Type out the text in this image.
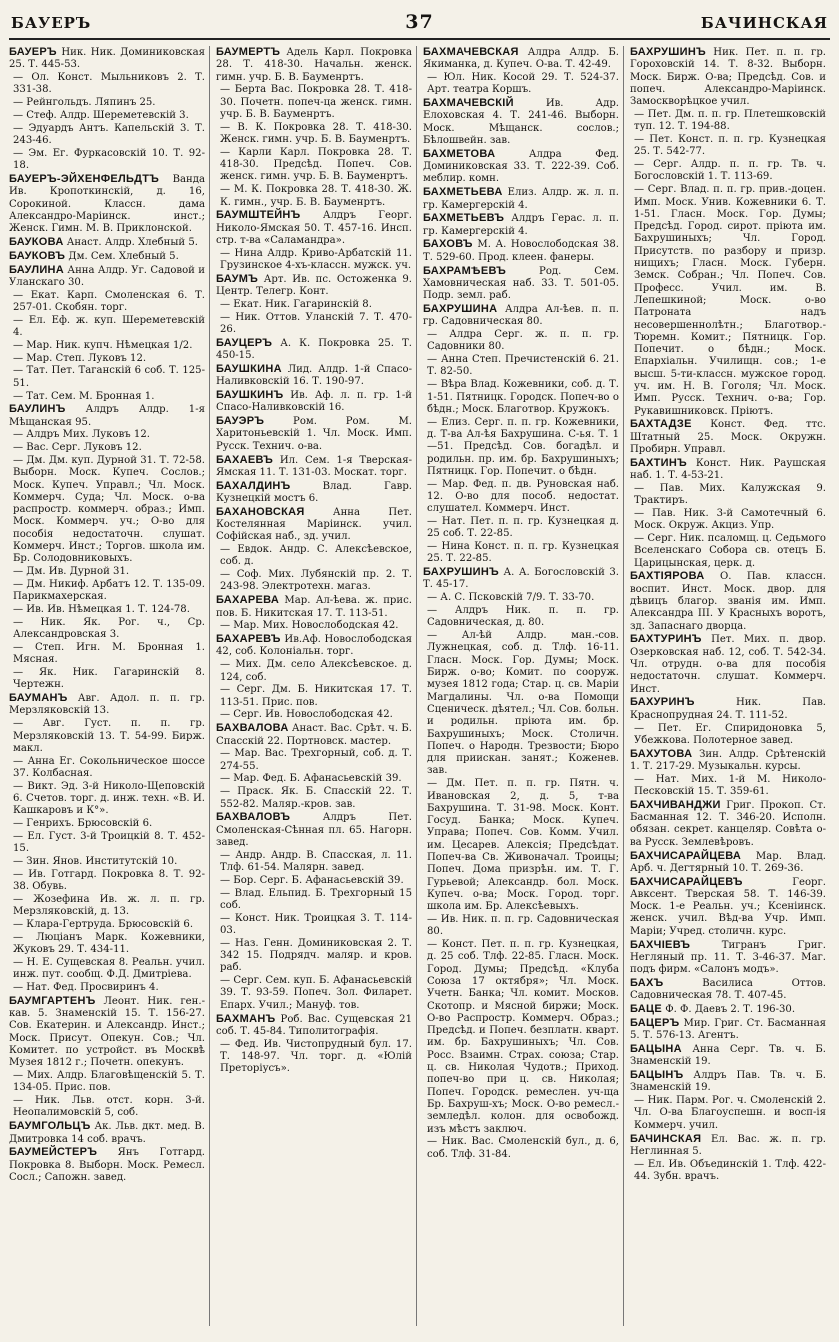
БАУЕРЪ	37	БАЧИНСКАЯ

БАУЕРЪ Ник. Ник. Доминиковская 25. Т. 445-53.

— Ол. Конст. Мыльниковъ 2. Т. 331-38.

— Рейнгольдъ. Ляпинъ 25.

— Стеф. Алдр. Шереметевскій 3.

— Эдуардъ Антъ. Капельскій 3. Т. 243-46.

— Эм. Ег. Фуркасовскій 10. Т. 92-18.

БАУЕРЪ-ЭЙХЕНФЕЛЬДТЪ Ванда Ив. Кропоткинскій, д. 16, Сорокиной. Классн. дама Александро-Маріинск. инст.; Женск. Гимн. М. В. Приклонской.

БАУКОВА Анаст. Алдр. Хлебный 5.

БАУКОВЪ Дм. Сем. Хлебный 5.

БАУЛИНА Анна Алдр. Уг. Садовой и Уланскаго 30.

— Екат. Карп. Смоленская 6. Т. 257-01. Скобян. торг.

— Ел. Еф. ж. куп. Шереметевскій 4.

— Мар. Ник. купч. Нѣмецкая 1/2.

— Мар. Степ. Луковъ 12.

— Тат. Пет. Таганскій 6 соб. Т. 125-51.

— Тат. Сем. М. Бронная 1.

БАУЛИНЪ Алдръ Алдр. 1-я Мѣщанская 95.

— Алдръ Мих. Луковъ 12.

— Вас. Серг. Луковъ 12.

— Дм. Дм. куп. Дурной 31. Т. 72-58. Выборн. Моск. Купеч. Сослов.; Моск. Купеч. Управл.; Чл. Моск. Коммерч. Суда; Чл. Моск. о-ва распростр. коммерч. образ.; Имп. Моск. Коммерч. уч.; О-во для пособія недостаточн. слушат. Коммерч. Инст.; Торгов. школа им. Бр. Солодовниковыхъ.

— Дм. Ив. Дурной 31.

— Дм. Никиф. Арбатъ 12. Т. 135-09. Парикмахерская.

— Ив. Ив. Нѣмецкая 1. Т. 124-78.

— Ник. Як. Рог. ч., Ср. Александровская 3.

— Степ. Игн. М. Бронная 1. Мясная.

— Як. Ник. Гагаринскій 8. Чертежн.

БАУМАНЪ Авг. Адол. п. п. гр. Мерзляковскій 13.

— Авг. Густ. п. п. гр. Мерзляковскій 13. Т. 54-99. Бирж. макл.

— Анна Ег. Сокольническое шоссе 37. Колбасная.

— Викт. Эд. 3-й Николо-Щеповскій 6. Счетов. торг. д. инж. техн. «В. И. Кашкаровъ и К°».

— Генрихъ. Брюсовскій 6.

— Ел. Густ. 3-й Троицкій 8. Т. 452-15.

— Зин. Янов. Институтскій 10.

— Ив. Готгард. Покровка 8. Т. 92-38. Обувь.

— Жозефина Ив. ж. л. п. гр. Мерзляковскій, д. 13.

— Клара-Гертруда. Брюсовскій 6.

— Люціанъ Марк. Кожевники, Жуковъ 29. Т. 434-11.

— Н. Е. Сущевская 8. Реальн. учил. инж. пут. сообщ. Ф.Д. Дмитріева.

— Нат. Фед. Просвиринъ 4.

БАУМГАРТЕНЪ Леонт. Ник. ген.-кав. 5. Знаменскій 15. Т. 156-27. Сов. Екатерин. и Александр. Инст.; Моск. Присут. Опекун. Сов.; Чл. Комитет. по устройст. въ Москвѣ Музея 1812 г.; Почетн. опекунъ.

— Мих. Алдр. Благовѣщенскій 5. Т. 134-05. Прис. пов.

— Ник. Льв. отст. корн. 3-й. Неопалимовскій 5, соб.

БАУМГОЛЬЦЪ Ак. Льв. дкт. мед. В. Дмитровка 14 соб. врачъ.

БАУМЕЙСТЕРЪ Янъ Готгард. Покровка 8. Выборн. Моск. Ремесл. Сосл.; Сапожн. завед.

БАУМЕРТЪ Адель Карл. Покровка 28. Т. 418-30. Начальн. женск. гимн. учр. Б. В. Бауменртъ.

— Берта Вас. Покровка 28. Т. 418-30. Почетн. попеч-ца женск. гимн. учр. Б. В. Бауменртъ.

— В. К. Покровка 28. Т. 418-30. Женск. гимн. учр. Б. В. Бауменртъ.

— Карли Карл. Покровка 28. Т. 418-30. Предсѣд. Попеч. Сов. женск. гимн. учр. Б. В. Бауменртъ.

— М. К. Покровка 28. Т. 418-30. Ж. К. гимн., учр. Б. В. Бауменртъ.

БАУМШТЕЙНЪ Алдръ Георг. Николо-Ямская 50. Т. 457-16. Инсп. стр. т-ва «Саламандра».

— Нина Алдр. Криво-Арбатскій 11. Грузинское 4-хъ-классн. мужск. уч.

БАУМЪ Арт. Ив. пс. Остоженка 9. Центр. Телегр. Конт.

— Екат. Ник. Гагаринскій 8.

— Ник. Оттов. Уланскій 7. Т. 470-26.

БАУЦЕРЪ А. К. Покровка 25. Т. 450-15.

БАУШКИНА Лид. Алдр. 1-й Спасо-Наливковскій 16. Т. 190-97.

БАУШКИНЪ Ив. Аф. л. п. гр. 1-й Спасо-Наливковскій 16.

БАУЭРЪ Ром. Ром. М. Харитоньевскій 1. Чл. Моск. Имп. Русск. Технич. о-ва.

БАХАЕВЪ Ил. Сем. 1-я Тверская-Ямская 11. Т. 131-03. Москат. торг.

БАХАЛДИНЪ Влад. Гавр. Кузнецкій мостъ 6.

БАХАНОВСКАЯ Анна Пет. Костелянная Маріинск. учил. Софійская наб., зд. учил.

— Евдок. Андр. С. Алексѣевское, соб. д.

— Соф. Мих. Лубянскій пр. 2. Т. 243-98. Электротехн. магаз.

БАХАРЕВА Мар. Ал-ѣева. ж. прис. пов. Б. Никитская 17. Т. 113-51.

— Мар. Мих. Новослободская 42.

БАХАРЕВЪ Ив.Аф. Новослободская 42, соб. Колоніальн. торг.

— Мих. Дм. село Алексѣевское. д. 124, соб.

— Серг. Дм. Б. Никитская 17. Т. 113-51. Прис. пов.

— Серг. Ив. Новослободская 42.

БАХВАЛОВА Анаст. Вас. Срѣт. ч. Б. Спасскій 22. Портновск. мастер.

— Мар. Вас. Трехгорный, соб. д. Т. 274-55.

— Мар. Фед. Б. Афанасьевскій 39.

— Праск. Як. Б. Спасскій 22. Т. 552-82. Маляр.-кров. зав.

БАХВАЛОВЪ Алдръ Пет. Смоленская-Сѣнная пл. 65. Нагорн. завед.

— Андр. Андр. В. Спасская, л. 11. Тлф. 61-54. Малярн. завед.

— Бор. Серг. Б. Афанасьевскій 39.

— Влад. Ельпид. Б. Трехгорный 15 соб.

— Конст. Ник. Троицкая 3. Т. 114-03.

— Наз. Генн. Доминиковская 2. Т. 342 15. Подрядч. маляр. и кров. раб.

— Серг. Сем. куп. Б. Афанасьевскій 39. Т. 93-59. Попеч. Зол. Филарет. Епарх. Учил.; Мануф. тов.

БАХМАНЪ Роб. Вас. Сущевская 21 соб. Т. 45-84. Типолитографія.

— Фед. Ив. Чистопрудный бул. 17. Т. 148-97. Чл. торг. д. «Юлій Преторіусъ».

БАХМАЧЕВСКАЯ Алдра Алдр. Б. Якиманка, д. Купеч. О-ва. Т. 42-49.

— Юл. Ник. Косой 29. Т. 524-37. Арт. театра Коршъ.

БАХМАЧЕВСКІЙ Ив. Адр. Елоховская 4. Т. 241-46. Выборн. Моск. Мѣщанск. сослов.; Бѣлошвейн. зав.

БАХМЕТОВА Алдра Фед. Доминиковская 33. Т. 222-39. Соб. меблир. комн.

БАХМЕТЬЕВА Елиз. Алдр. ж. л. п. гр. Камергерскій 4.

БАХМЕТЬЕВЪ Алдръ Герас. л. п. гр. Камергерскій 4.

БАХОВЪ М. А. Новослободская 38. Т. 529-60. Прод. клеен. фанеры.

БАХРАМѢЕВЪ Род. Сем. Хамовническая наб. 33. Т. 501-05. Подр. земл. раб.

БАХРУШИНА Алдра Ал-ѣев. п. п. гр. Садовническая 80.

— Алдра Серг. ж. п. п. гр. Садовники 80.

— Анна Степ. Пречистенскій 6. 21. Т. 82-50.

— Вѣра Влад. Кожевники, соб. д. Т. 1-51. Пятницк. Городск. Попеч-во о бѣдн.; Моск. Благотвор. Кружокъ.

— Елиз. Серг. п. п. гр. Кожевники, д. Т-ва Ал-ѣя Бахрушина. С-ья. Т. 1—51. Предсѣд. Сов. богадѣл. и родильн. пр. им. бр. Бахрушиныхъ; Пятницк. Гор. Попечит. о бѣдн.

— Мар. Фед. п. дв. Руновская наб. 12. О-во для пособ. недостат. слушател. Коммерч. Инст.

— Нат. Пет. п. п. гр. Кузнецкая д. 25 соб. Т. 22-85.

— Нина Конст. п. п. гр. Кузнецкая 25. Т. 22-85.

БАХРУШИНЪ А. А. Богословскій 3. Т. 45-17.

— А. С. Псковскій 7/9. Т. 33-70.

— Алдръ Ник. п. п. гр. Садовническая, д. 80.

— Ал-ѣй Алдр. ман.-сов. Лужнецкая, соб. д. Тлф. 16-11. Гласн. Моск. Гор. Думы; Моск. Бирж. о-во; Комит. по сооруж. музея 1812 года; Стар. ц. св. Маріи Магдалины. Чл. о-ва Помощи Сценическ. дѣятел.; Чл. Сов. больн. и родильн. пріюта им. бр. Бахрушиныхъ; Моск. Столичн. Попеч. о Народн. Трезвости; Бюро для приискан. занят.; Коженев. зав.

— Дм. Пет. п. п. гр. Пятн. ч. Ивановская 2, д. 5, т-ва Бахрушина. Т. 31-98. Моск. Конт. Госуд. Банка; Моск. Купеч. Управа; Попеч. Сов. Комм. Учил. им. Цесарев. Алексія; Предсѣдат. Попеч-ва Св. Живоначал. Троицы; Попеч. Дома призрѣн. им. Т. Г. Гурьевой; Александр. бол. Моск. Купеч. о-ва; Моск. Город. торг. школа им. Бр. Алексѣевыхъ.

— Ив. Ник. п. п. гр. Садовническая 80.

— Конст. Пет. п. п. гр. Кузнецкая, д. 25 соб. Тлф. 22-85. Гласн. Моск. Город. Думы; Предсѣд. «Клуба Союза 17 октября»; Чл. Моск. Учетн. Банка; Чл. комит. Москов. Скотопр. и Мясной биржи; Моск. О-во Распростр. Коммерч. Образ.; Предсѣд. и Попеч. безплатн. кварт. им. бр. Бахрушиныхъ; Чл. Сов. Росс. Взаимн. Страх. союза; Стар. ц. св. Николая Чудотв.; Приход. попеч-во при ц. св. Николая; Попеч. Городск. ремеслен. уч-ща Бр. Бахруш-хъ; Моск. О-во ремесл.-земледѣл. колон. для освобожд. изъ мѣстъ заключ.

— Ник. Вас. Смоленскій бул., д. 6, соб. Тлф. 31-84.

БАХРУШИНЪ Ник. Пет. п. п. гр. Гороховскій 14. Т. 8-32. Выборн. Моск. Бирж. О-ва; Предсѣд. Сов. и попеч. Александро-Маріинск. Замоскворѣцкое учил.

— Пет. Дм. п. п. гр. Плетешковскій туп. 12. Т. 194-88.

— Пет. Конст. п. п. гр. Кузнецкая 25. Т. 542-77.

— Серг. Алдр. п. п. гр. Тв. ч. Богословскій 1. Т. 113-69.

— Серг. Влад. п. п. гр. прив.-доцен. Имп. Моск. Унив. Кожевники 6. Т. 1-51. Гласн. Моск. Гор. Думы; Предсѣд. Город. сирот. пріюта им. Бахрушиныхъ; Чл. Город. Присутств. по разбору и призр. нищихъ; Гласн. Моск. Губерн. Земск. Собран.; Чл. Попеч. Сов. Професс. Учил. им. В. Лепешкиной; Моск. о-во Патроната надъ несовершеннолѣтн.; Благотвор.-Тюремн. Комит.; Пятницк. Гор. Попечит. о бѣдн.; Моск. Епархіальн. Училищн. сов.; 1-е высш. 5-ти-классн. мужское город. уч. им. Н. В. Гоголя; Чл. Моск. Имп. Русск. Технич. о-ва; Гор. Рукавишниковск. Пріютъ.

БАХТАДЗЕ Конст. Фед. ттс. Штатный 25. Моск. Окружн. Пробирн. Управл.

БАХТИНЪ Конст. Ник. Раушская наб. 1. Т. 4-53-21.

— Пав. Мих. Калужская 9. Трактиръ.

— Пав. Ник. 3-й Самотечный 6. Моск. Окруж. Акциз. Упр.

— Серг. Ник. псаломщ. ц. Седьмого Вселенскаго Собора св. отецъ Б. Царицынская, церк. д.

БАХТІЯРОВА О. Пав. классн. воспит. Инст. Моск. двор. для дѣвицъ благор. званія им. Имп. Александра III. У Красныхъ воротъ, зд. Запаснаго дворца.

БАХТУРИНЪ Пет. Мих. п. двор. Озерковская наб. 12, соб. Т. 542-34. Чл. отрудн. о-ва для пособія недостаточн. слушат. Коммерч. Инст.

БАХУРИНЪ Ник. Пав. Краснопрудная 24. Т. 111-52.

— Пет. Ег. Спиридоновка 5, Убежкова. Полотерное завед.

БАХУТОВА Зин. Алдр. Срѣтенскій 1. Т. 217-29. Музыкальн. курсы.

— Нат. Мих. 1-й М. Николо-Песковскій 15. Т. 359-61.

БАХЧИВАНДЖИ Григ. Прокоп. Ст. Басманная 12. Т. 346-20. Исполн. обязан. секрет. канцеляр. Совѣта о-ва Русск. Землевѣровъ.

БАХЧИСАРАЙЦЕВА Мар. Влад. Арб. ч. Дегтярный 10. Т. 269-36.

БАХЧИСАРАЙЦЕВЪ Георг. Авксент. Тверская 58. Т. 146-39. Моск. 1-е Реальн. уч.; Ксеніинск. женск. учил. Вѣд-ва Учр. Имп. Маріи; Учред. столичн. курс.

БАХЧІЕВЪ Тигранъ Григ. Негляный пр. 11. Т. 3-46-37. Маг. подъ фирм. «Салонъ модъ».

БАХЪ Василиса Оттов. Садовническая 78. Т. 407-45.

БАЦЕ Ф. Ф. Даевъ 2. Т. 196-30.

БАЦЕРЪ Мир. Григ. Ст. Басманная 5. Т. 576-13. Агентъ.

БАЦЫНА Анна Серг. Тв. ч. Б. Знаменскій 19.

БАЦЫНЪ Алдръ Пав. Тв. ч. Б. Знаменскій 19.

— Ник. Парм. Рог. ч. Смоленскій 2. Чл. О-ва Благоуспешн. и восп-ія Коммерч. учил.

БАЧИНСКАЯ Ел. Вас. ж. п. гр. Неглинная 5.

— Ел. Ив. Объединскій 1. Тлф. 422-44. Зубн. врачъ.
